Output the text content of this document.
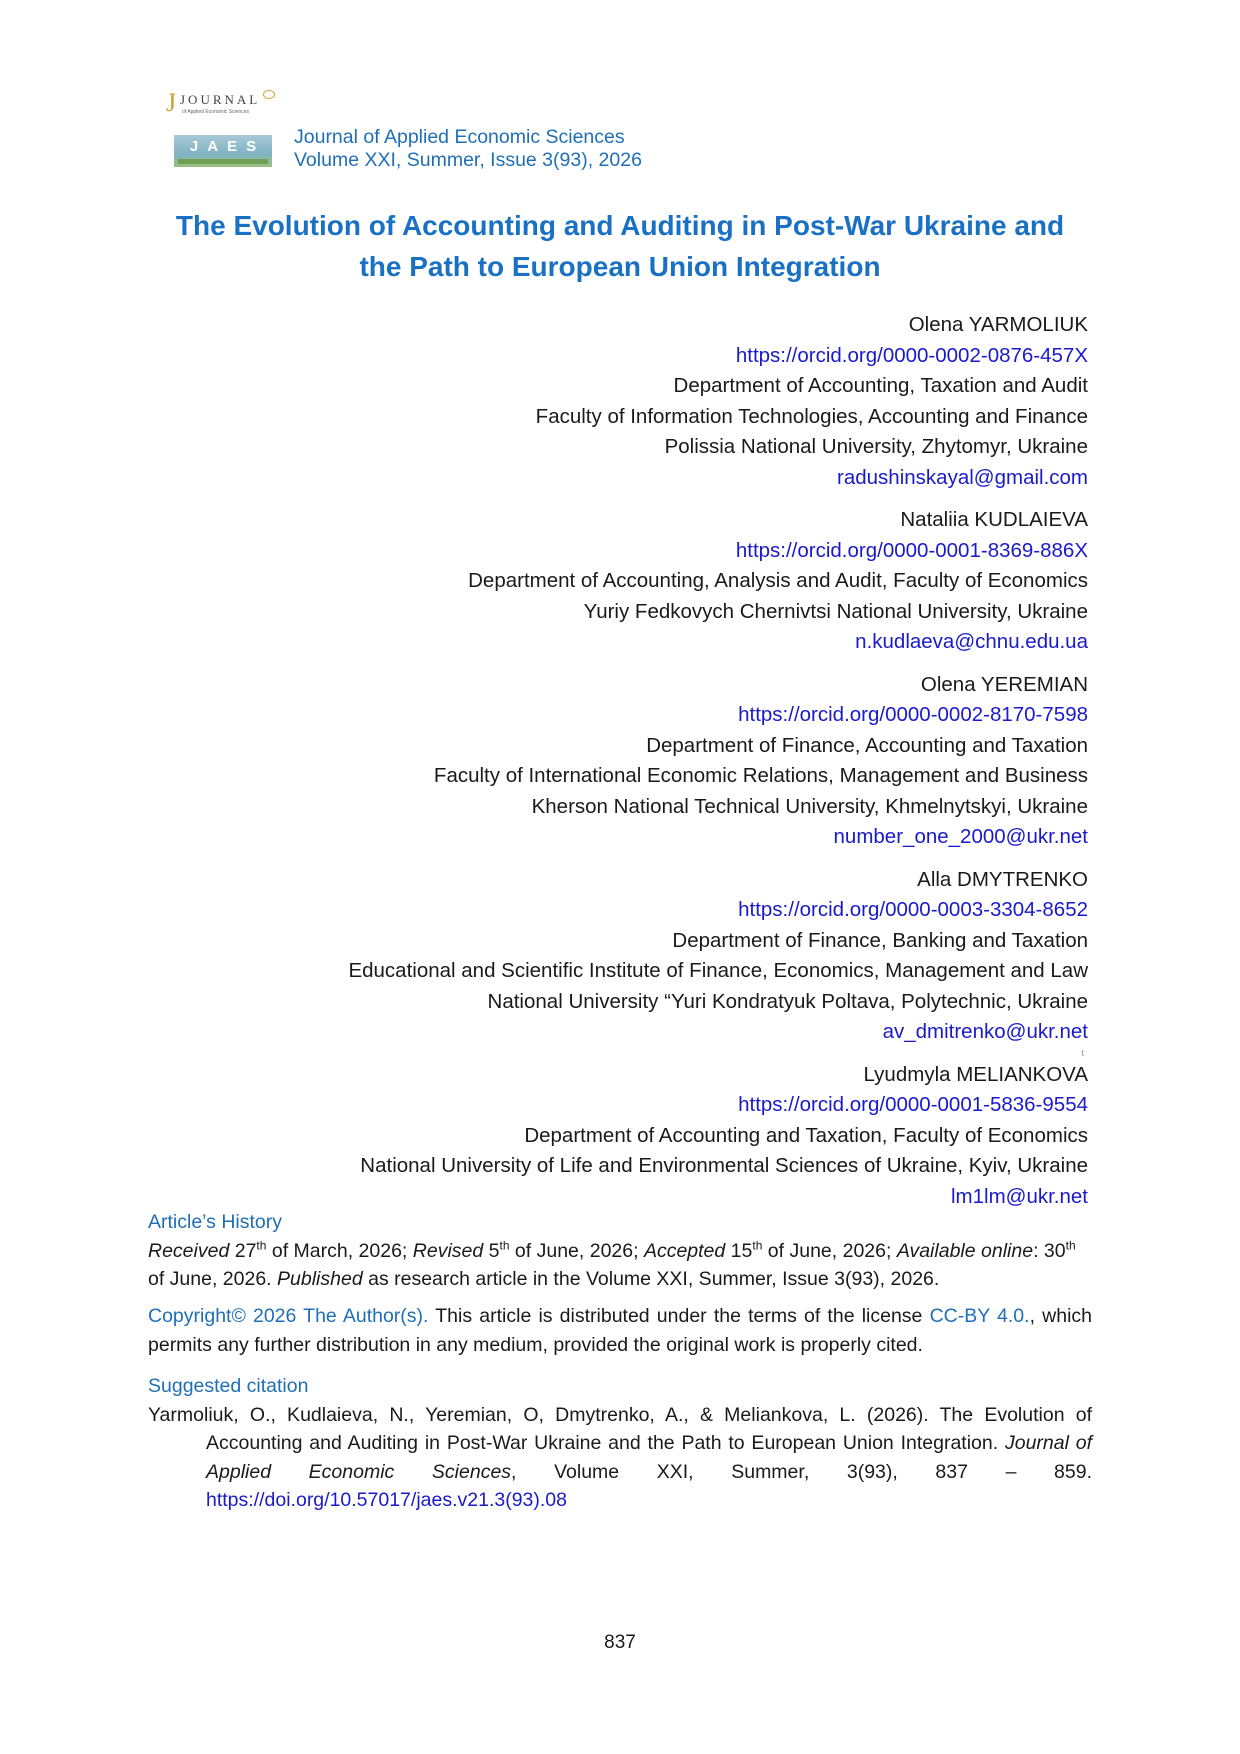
J JOURNAL
of Applied Economic Sciences
JAES	Journal of Applied Economic Sciences
Volume XXI, Summer, Issue 3(93), 2026
The Evolution of Accounting and Auditing in Post-War Ukraine and
the Path to European Union Integration
Olena YARMOLIUK
https://orcid.org/0000-0002-0876-457X
Department of Accounting, Taxation and Audit
Faculty of Information Technologies, Accounting and Finance
Polissia National University, Zhytomyr, Ukraine
radushinskayal@gmail.com
Nataliia KUDLAIEVA
https://orcid.org/0000-0001-8369-886X
Department of Accounting, Analysis and Audit, Faculty of Economics
Yuriy Fedkovych Chernivtsi National University, Ukraine
n.kudlaeva@chnu.edu.ua
Olena YEREMIAN
https://orcid.org/0000-0002-8170-7598
Department of Finance, Accounting and Taxation
Faculty of International Economic Relations, Management and Business
Kherson National Technical University, Khmelnytskyi, Ukraine
number_one_2000@ukr.net
Alla DMYTRENKO
https://orcid.org/0000-0003-3304-8652
Department of Finance, Banking and Taxation
Educational and Scientific Institute of Finance, Economics, Management and Law
National University “Yuri Kondratyuk Poltava, Polytechnic, Ukraine
av_dmitrenko@ukr.net
Lyudmyla MELIANKOVA
https://orcid.org/0000-0001-5836-9554
Department of Accounting and Taxation, Faculty of Economics
National University of Life and Environmental Sciences of Ukraine, Kyiv, Ukraine
lm1lm@ukr.net
t
Article’s History
Received 27th of March, 2026; Revised 5th of June, 2026; Accepted 15th of June, 2026; Available online: 30th of June, 2026. Published as research article in the Volume XXI, Summer, Issue 3(93), 2026.
Copyright© 2026 The Author(s). This article is distributed under the terms of the license CC-BY 4.0., which permits any further distribution in any medium, provided the original work is properly cited.
Suggested citation
Yarmoliuk, O., Kudlaieva, N., Yeremian, O, Dmytrenko, A., & Meliankova, L. (2026). The Evolution of Accounting and Auditing in Post-War Ukraine and the Path to European Union Integration. Journal of Applied Economic Sciences, Volume XXI, Summer, 3(93), 837 – 859. https://doi.org/10.57017/jaes.v21.3(93).08
837
